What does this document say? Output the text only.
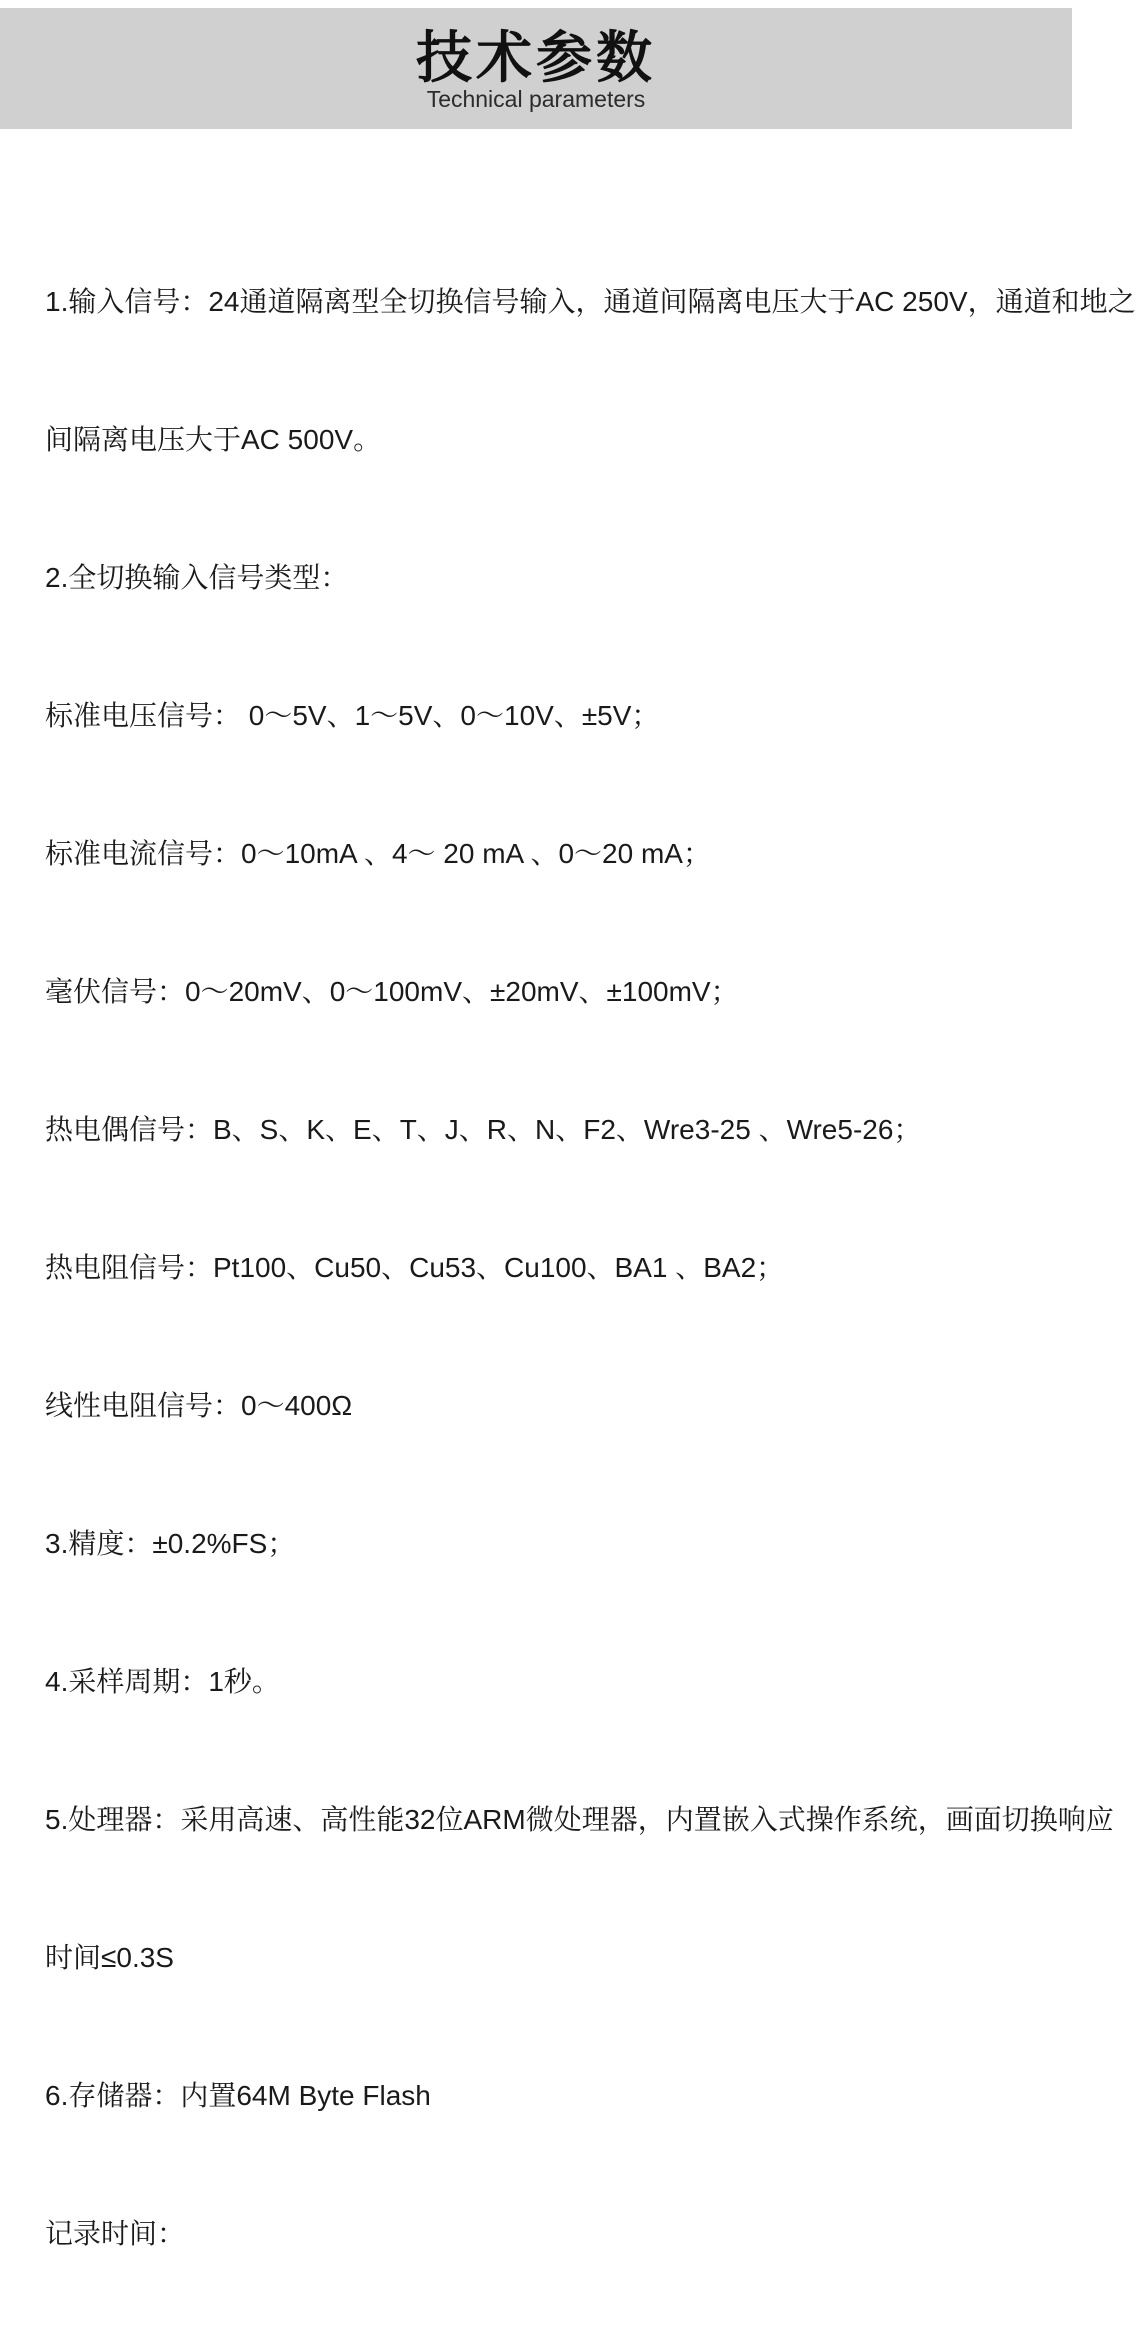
技术参数
Technical parameters

1.输入信号：24通道隔离型全切换信号输入，通道间隔离电压大于AC 250V，通道和地之

间隔离电压大于AC 500V。

2.全切换输入信号类型：

标准电压信号： 0～5V、1～5V、0～10V、±5V；

标准电流信号：0～10mA 、4～ 20 mA 、0～20 mA；

毫伏信号：0～20mV、0～100mV、±20mV、±100mV；

热电偶信号：B、S、K、E、T、J、R、N、F2、Wre3-25 、Wre5-26；

热电阻信号：Pt100、Cu50、Cu53、Cu100、BA1 、BA2；

线性电阻信号：0～400Ω

3.精度：±0.2%FS；

4.采样周期：1秒。

5.处理器：采用高速、高性能32位ARM微处理器，内置嵌入式操作系统，画面切换响应

时间≤0.3S

6.存储器：内置64M Byte Flash

记录时间：
